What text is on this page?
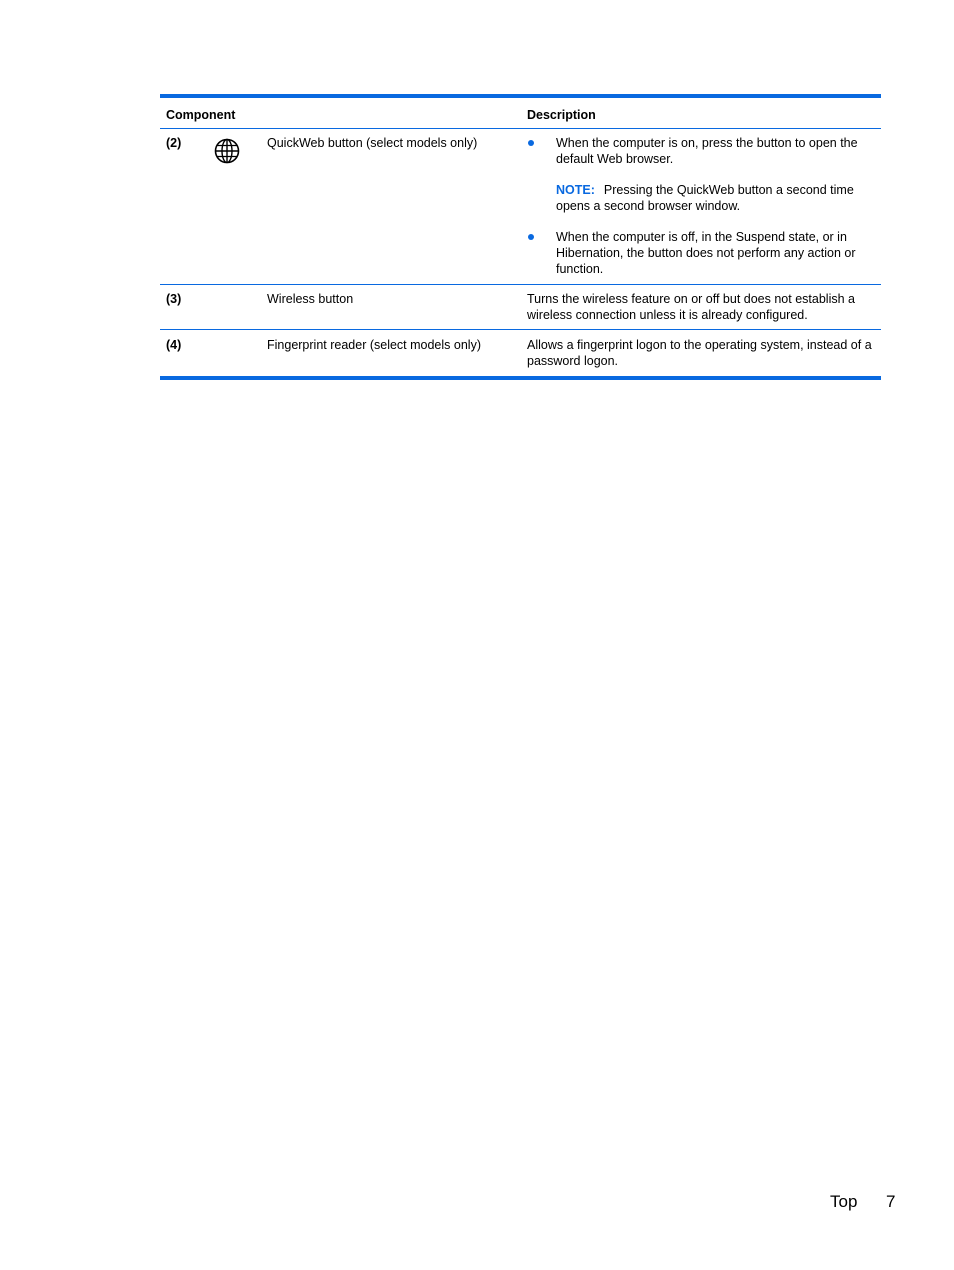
Component	Description
(2)	QuickWeb button (select models only)	When the computer is on, press the button to open the default Web browser.
NOTE: Pressing the QuickWeb button a second time opens a second browser window.
When the computer is off, in the Suspend state, or in Hibernation, the button does not perform any action or function.
(3)	Wireless button	Turns the wireless feature on or off but does not establish a wireless connection unless it is already configured.
(4)	Fingerprint reader (select models only)	Allows a fingerprint logon to the operating system, instead of a password logon.
Top 7
